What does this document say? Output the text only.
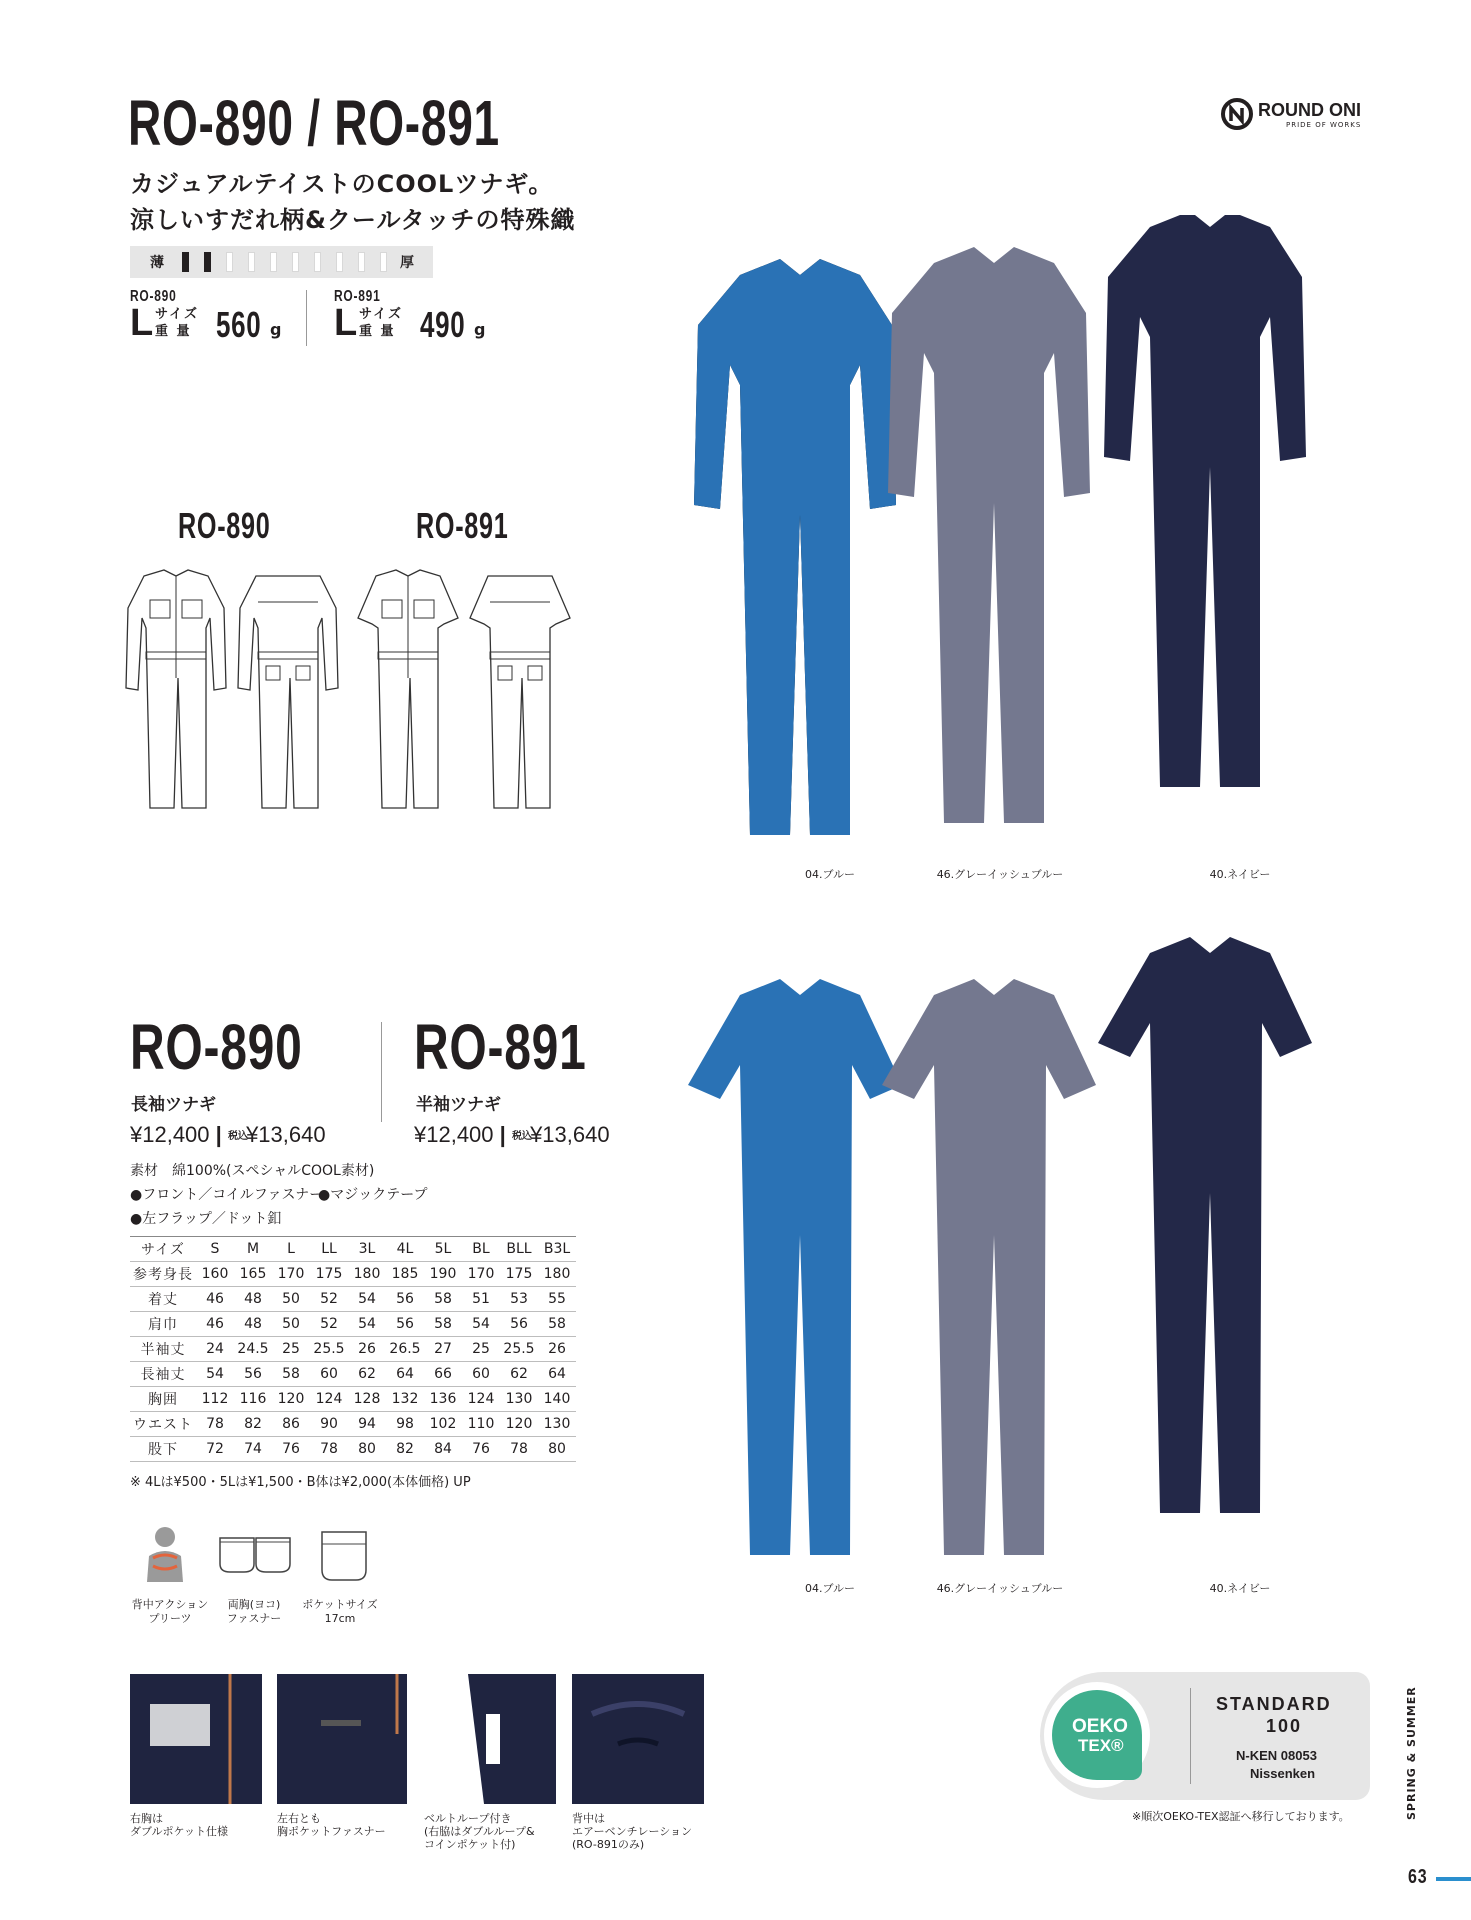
RO-890 / RO-891
カジュアルテイストのCOOLツナギ。
涼しいすだれ柄&クールタッチの特殊織
ROUND ONI
PRIDE OF WORKS
薄	厚
RO-890
L サイズ
重 量 560 g
RO-891
L サイズ
重 量 490 g
RO-890	RO-891
04.ブルー	46.グレーイッシュブルー	40.ネイビー
RO-890
長袖ツナギ
¥12,400 | 税込 ¥13,640
RO-891
半袖ツナギ
¥12,400 | 税込 ¥13,640
素材　綿100%(スペシャルCOOL素材)
●フロント／コイルファスナー
●マジックテープ
●左フラップ／ドット釦
サイズ	S	M	L	LL	3L	4L	5L	BL	BLL	B3L
参考身長	160	165	170	175	180	185	190	170	175	180
着丈	46	48	50	52	54	56	58	51	53	55
肩巾	46	48	50	52	54	56	58	54	56	58
半袖丈	24	24.5	25	25.5	26	26.5	27	25	25.5	26
長袖丈	54	56	58	60	62	64	66	60	62	64
胸囲	112	116	120	124	128	132	136	124	130	140
ウエスト	78	82	86	90	94	98	102	110	120	130
股下	72	74	76	78	80	82	84	76	78	80
※ 4Lは¥500・5Lは¥1,500・B体は¥2,000(本体価格) UP
背中アクション
プリーツ
両胸(ヨコ)
ファスナー
ポケットサイズ
17cm
04.ブルー	46.グレーイッシュブルー	40.ネイビー
右胸は
ダブルポケット仕様
左右とも
胸ポケットファスナー
ベルトループ付き
(右脇はダブルループ&
コインポケット付)
背中は
エアーベンチレーション
(RO-891のみ)
OEKO
TEX®
STANDARD
100
N-KEN 08053
Nissenken
※順次OEKO-TEX認証へ移行しております。	SPRING & SUMMER
63
